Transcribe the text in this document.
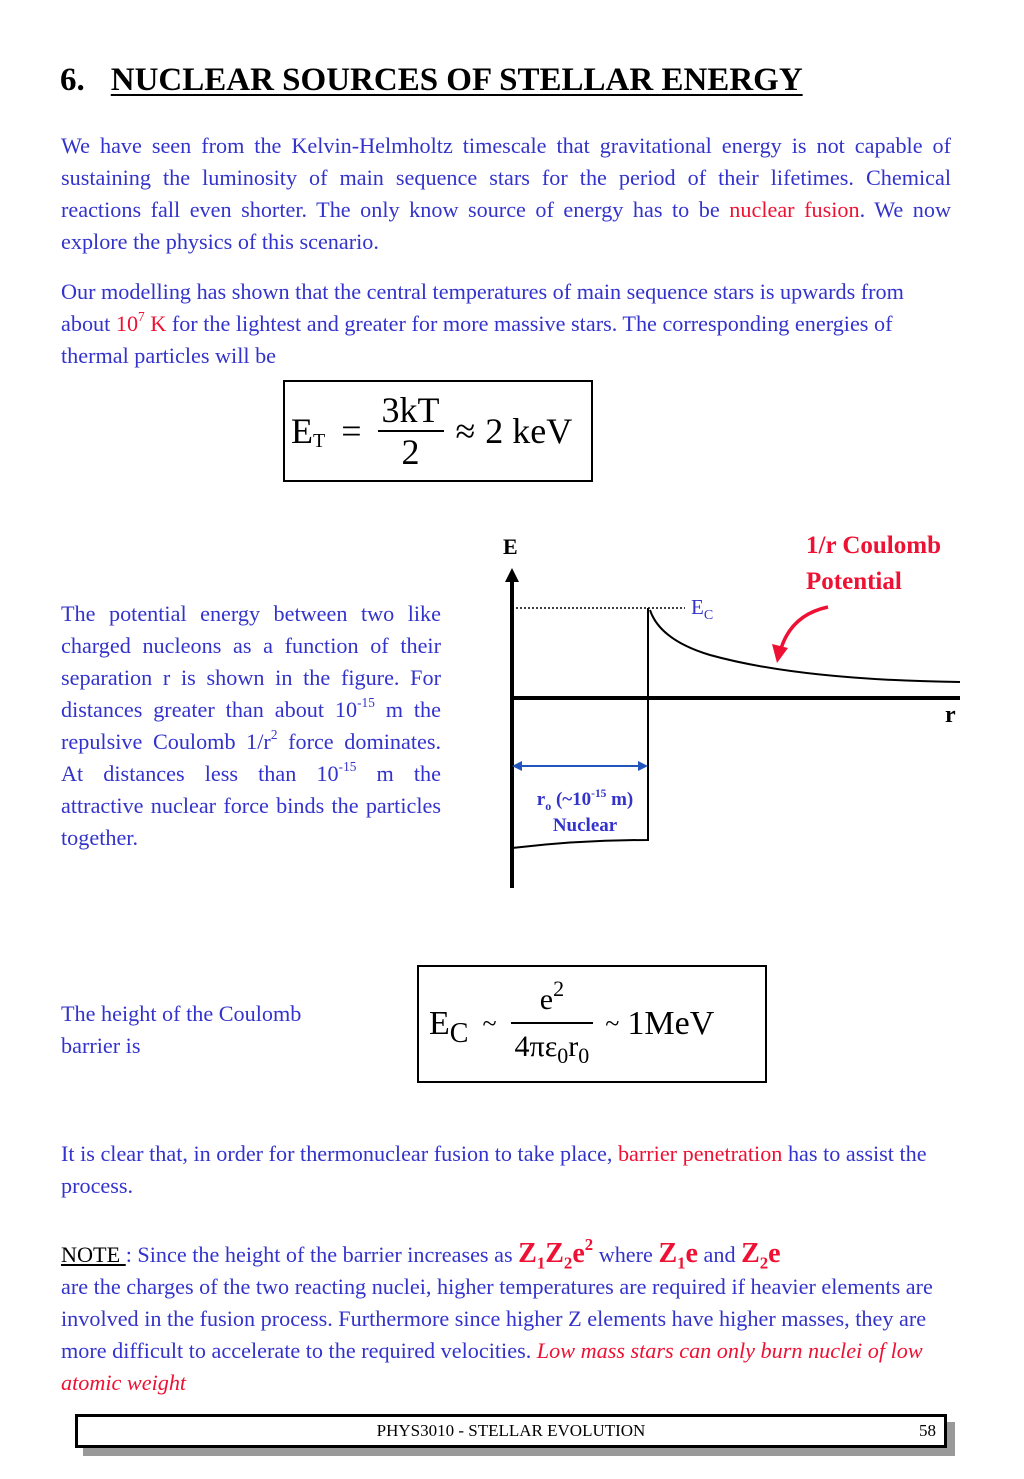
6. NUCLEAR SOURCES OF STELLAR ENERGY
We have seen from the Kelvin-Helmholtz timescale that gravitational energy is not capable of sustaining the luminosity of main sequence stars for the period of their lifetimes. Chemical reactions fall even shorter. The only know source of energy has to be nuclear fusion. We now explore the physics of this scenario.
Our modelling has shown that the central temperatures of main sequence stars is upwards from about $10^7$ K for the lightest and greater for more massive stars. The corresponding energies of thermal particles will be
$E_T = \frac{3kT}{2} \approx 2$ keV
The potential energy between two like charged nucleons as a function of their separation r is shown in the figure. For distances greater than about $10^{-15}$ m the repulsive Coulomb $1/r^2$ force dominates. At distances less than $10^{-15}$ m the attractive nuclear force binds the particles together.
E
r
$E_C$
1/r Coulomb
Potential
$r_o$ ($\sim 10^{-15}$ m)
Nuclear
The height of the Coulomb barrier is
$E_C$ ~ $\frac{e^2}{4\pi\varepsilon_0r_0}$ ~ 1MeV
It is clear that, in order for thermonuclear fusion to take place, barrier penetration has to assist the process.
NOTE : Since the height of the barrier increases as $Z_1Z_2e^2$ where $Z_1e$ and $Z_2e$
are the charges of the two reacting nuclei, higher temperatures are required if heavier elements are involved in the fusion process. Furthermore since higher Z elements have higher masses, they are more difficult to accelerate to the required velocities. Low mass stars can only burn nuclei of low atomic weight
PHYS3010 - STELLAR EVOLUTION	58
